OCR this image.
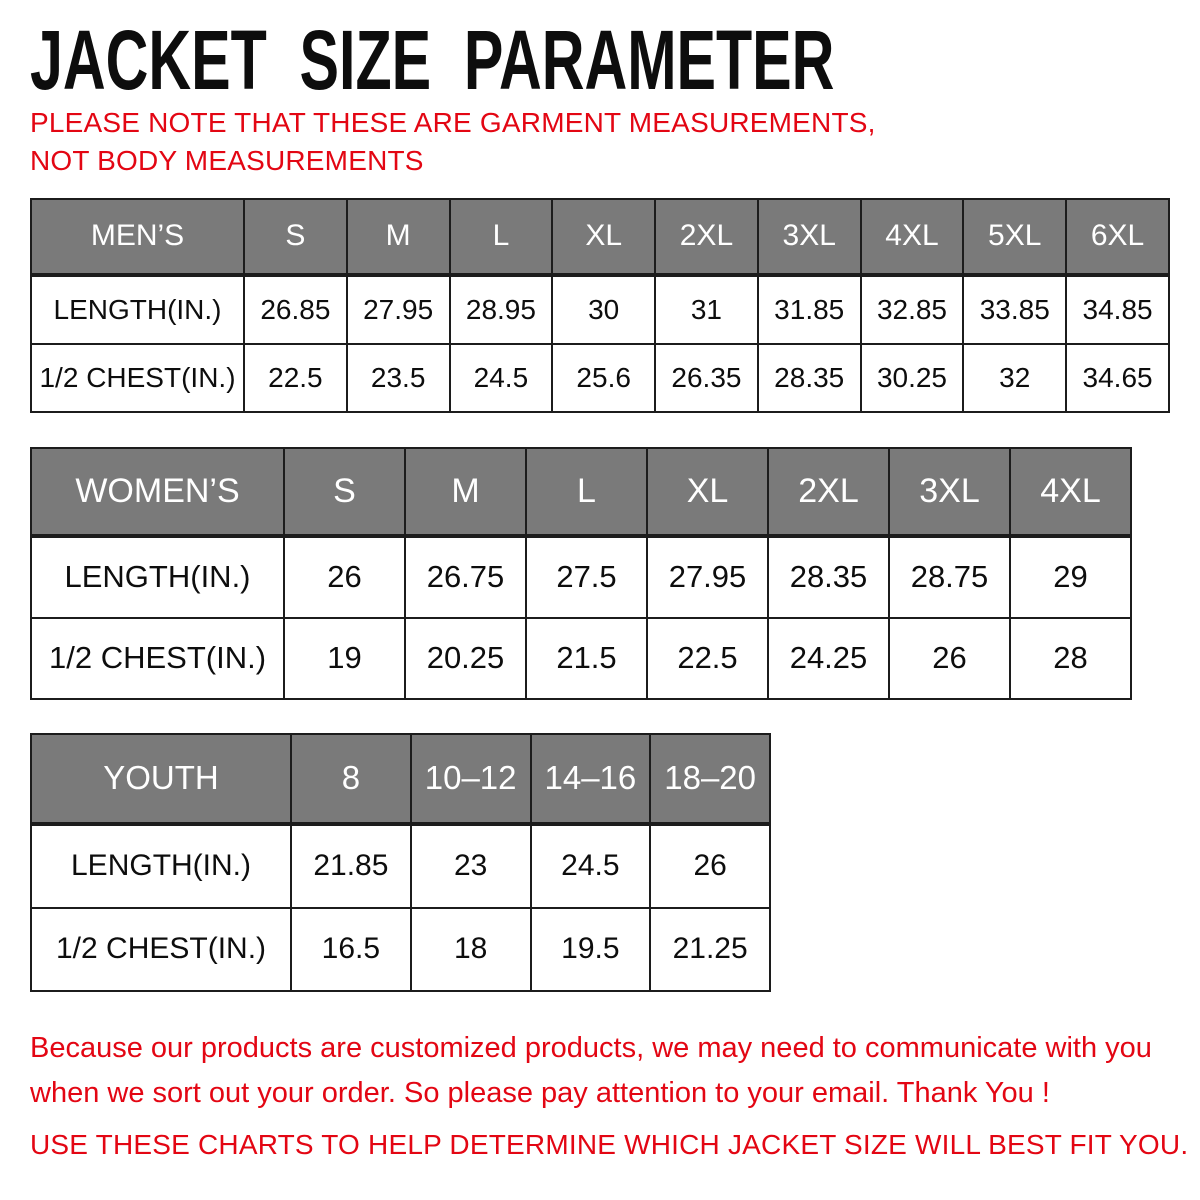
JACKET SIZE PARAMETER

PLEASE NOTE THAT THESE ARE GARMENT MEASUREMENTS, NOT BODY MEASUREMENTS

MEN’S	S	M	L	XL	2XL	3XL	4XL	5XL	6XL
LENGTH(IN.)	26.85	27.95	28.95	30	31	31.85	32.85	33.85	34.85
1/2 CHEST(IN.)	22.5	23.5	24.5	25.6	26.35	28.35	30.25	32	34.65
WOMEN’S	S	M	L	XL	2XL	3XL	4XL
LENGTH(IN.)	26	26.75	27.5	27.95	28.35	28.75	29
1/2 CHEST(IN.)	19	20.25	21.5	22.5	24.25	26	28
YOUTH	8	10–12	14–16	18–20
LENGTH(IN.)	21.85	23	24.5	26
1/2 CHEST(IN.)	16.5	18	19.5	21.25

Because our products are customized products, we may need to communicate with you when we sort out your order. So please pay attention to your email. Thank You !

USE THESE CHARTS TO HELP DETERMINE WHICH JACKET SIZE WILL BEST FIT YOU.
